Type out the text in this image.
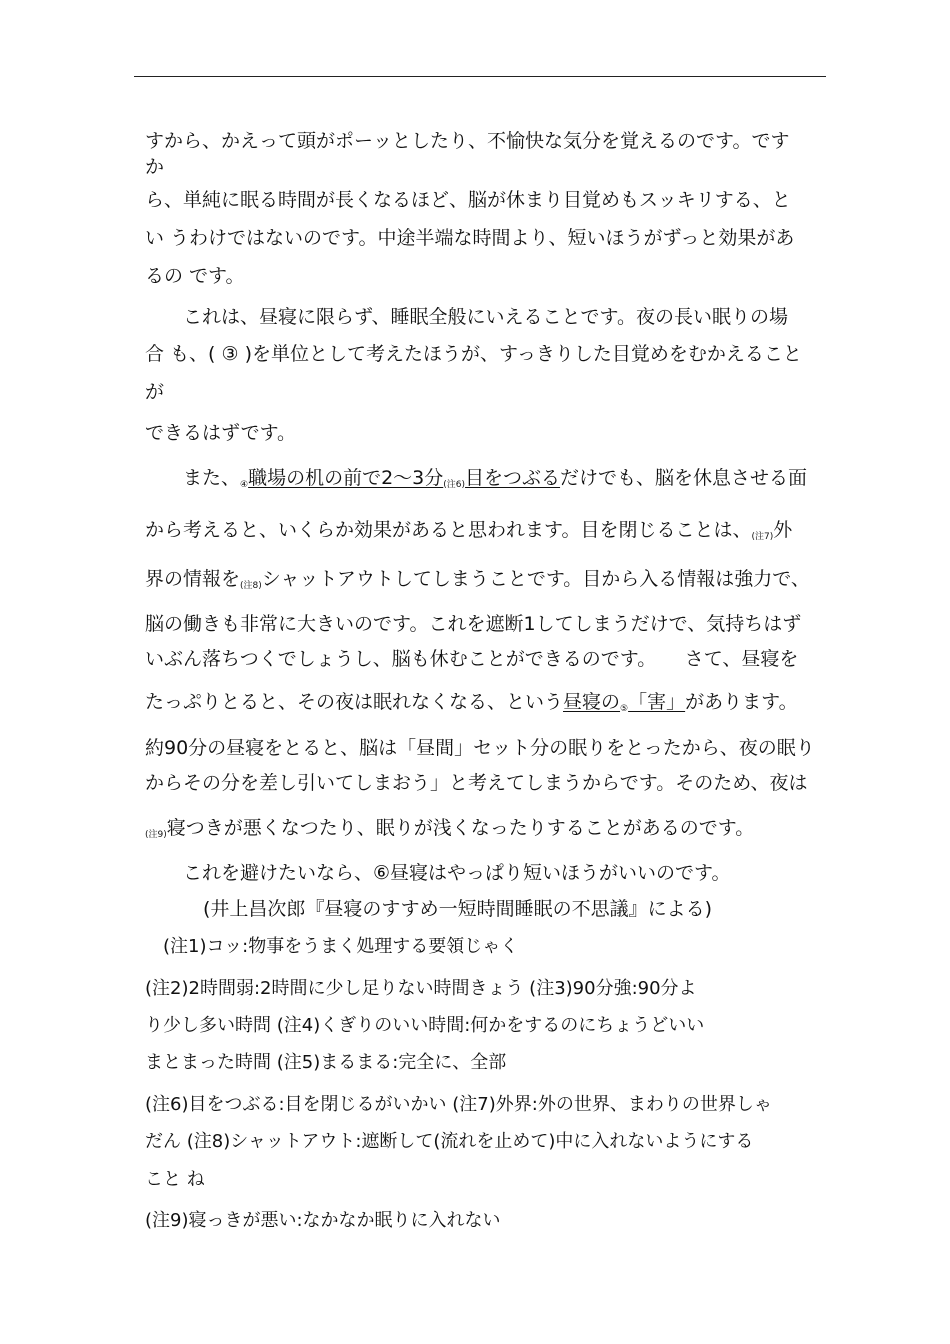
すから、かえって頭がポーッとしたり、不愉快な気分を覚えるのです。です
か
ら、単純に眠る時間が長くなるほど、脳が休まり目覚めもスッキリする、と
い うわけではないのです。中途半端な時間より、短いほうがずっと効果があ
るの です。
これは、昼寝に限らず、睡眠全般にいえることです。夜の長い眠りの場
合 も、( ③ )を単位として考えたほうが、すっきりした目覚めをむかえること
が
できるはずです。
また、④職場の机の前で2～3分(注6)目をつぶるだけでも、脳を休息させる面
から考えると、いくらか効果があると思われます。目を閉じることは、(注7)外
界の情報を(注8)シャットアウトしてしまうことです。目から入る情報は強力で、
脳の働きも非常に大きいのです。これを遮断1してしまうだけで、気持ちはず
いぶん落ちつくでしょうし、脳も休むことができるのです。　　さて、昼寝を
たっぷりとると、その夜は眠れなくなる、という昼寝の⑤「害」があります。
約90分の昼寝をとると、脳は「昼間」セット分の眠りをとったから、夜の眠り
からその分を差し引いてしまおう」と考えてしまうからです。そのため、夜は
(注9)寝つきが悪くなつたり、眠りが浅くなったりすることがあるのです。
これを避けたいなら、⑥昼寝はやっぱり短いほうがいいのです。
(井上昌次郎『昼寝のすすめ一短時間睡眠の不思議』による)
(注1)コッ:物事をうまく処理する要領じゃく
(注2)2時間弱:2時間に少し足りない時間きょう (注3)90分強:90分よ
り少し多い時問 (注4)くぎりのいい時間:何かをするのにちょうどいい
まとまった時間 (注5)まるまる:完全に、全部
(注6)目をつぶる:目を閉じるがいかい (注7)外界:外の世界、まわりの世界しゃ
だん (注8)シャットアウト:遮断して(流れを止めて)中に入れないようにする
こと ね
(注9)寝っきが悪い:なかなか眠りに入れない
